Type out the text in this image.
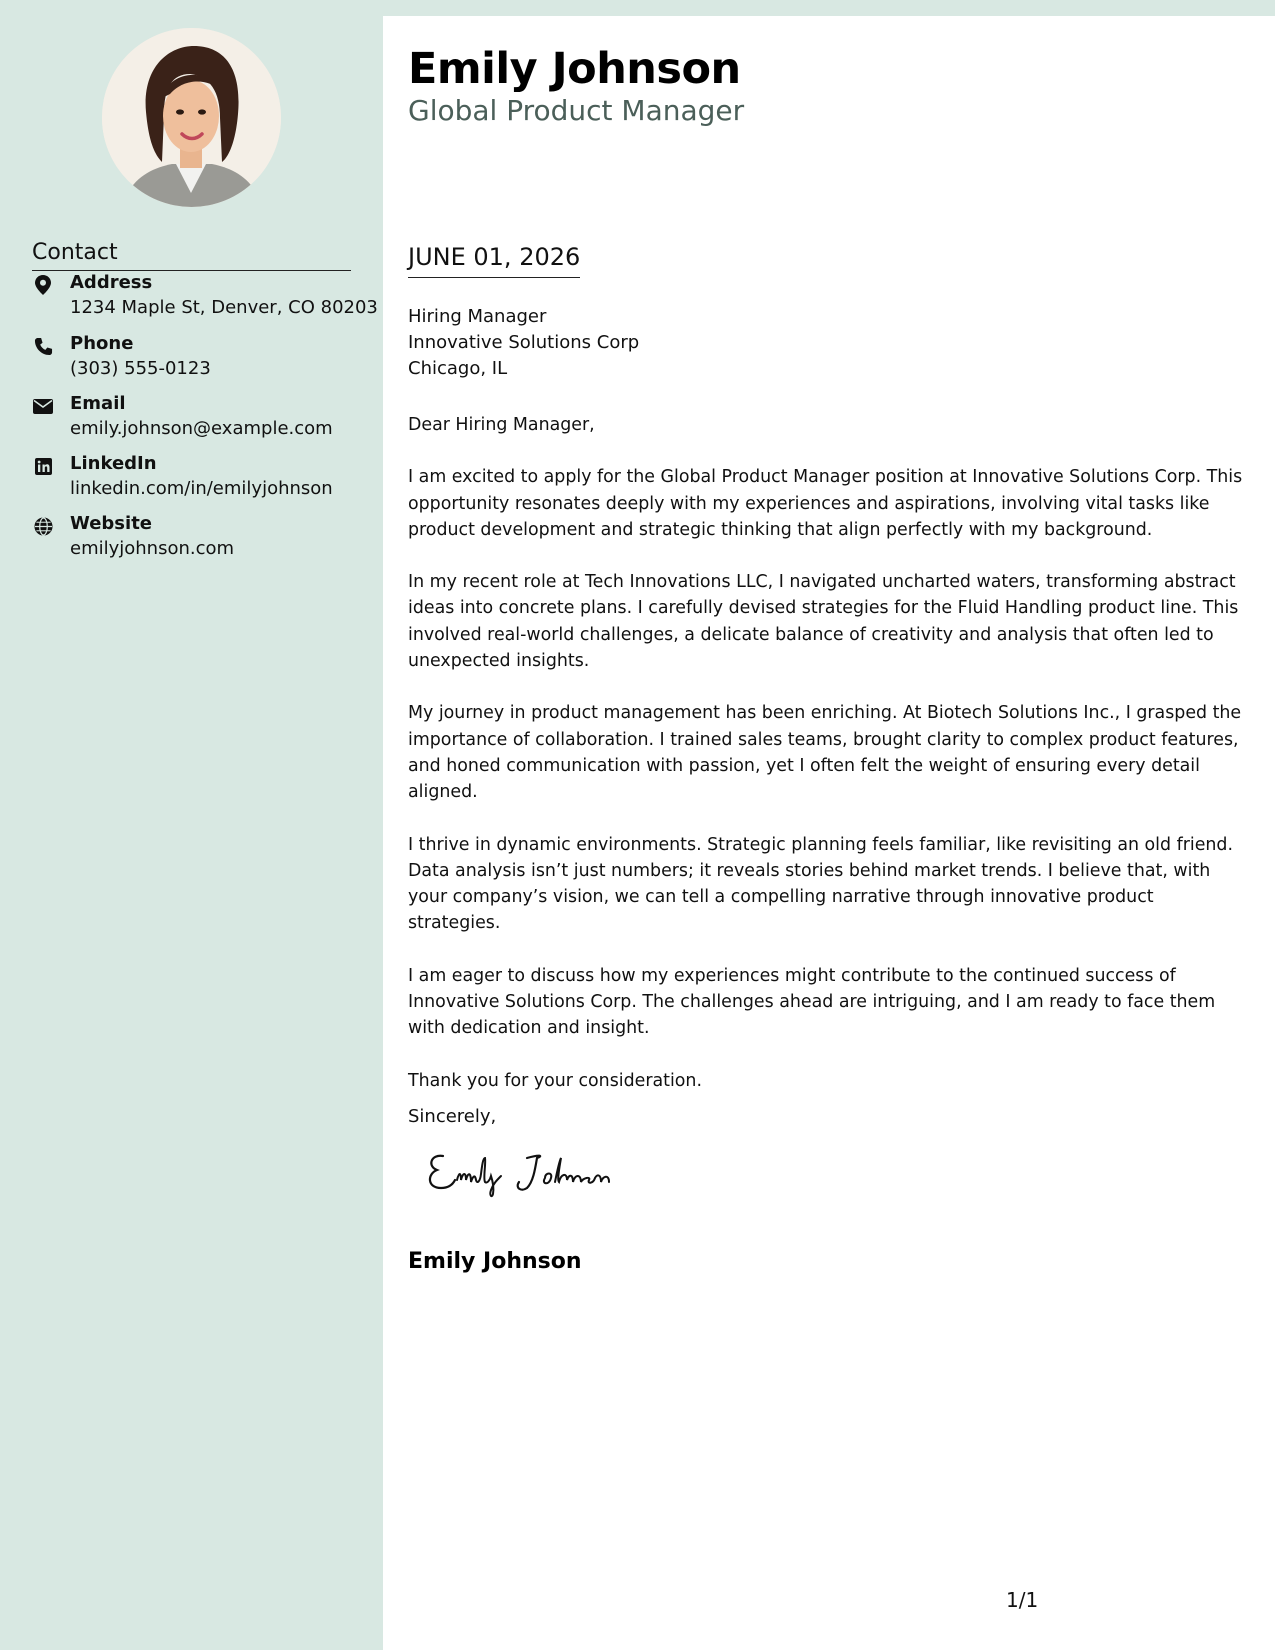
Contact
Address
1234 Maple St, Denver, CO 80203
Phone
(303) 555-0123
Email
emily.johnson@example.com
LinkedIn
linkedin.com/in/emilyjohnson
Website
emilyjohnson.com
Emily Johnson
Global Product Manager
JUNE 01, 2026
Hiring Manager
Innovative Solutions Corp
Chicago, IL

Dear Hiring Manager,

I am excited to apply for the Global Product Manager position at Innovative Solutions Corp. This opportunity resonates deeply with my experiences and aspirations, involving vital tasks like product development and strategic thinking that align perfectly with my background.

In my recent role at Tech Innovations LLC, I navigated uncharted waters, transforming abstract ideas into concrete plans. I carefully devised strategies for the Fluid Handling product line. This involved real-world challenges, a delicate balance of creativity and analysis that often led to unexpected insights.

My journey in product management has been enriching. At Biotech Solutions Inc., I grasped the importance of collaboration. I trained sales teams, brought clarity to complex product features, and honed communication with passion, yet I often felt the weight of ensuring every detail aligned.

I thrive in dynamic environments. Strategic planning feels familiar, like revisiting an old friend. Data analysis isn’t just numbers; it reveals stories behind market trends. I believe that, with your company’s vision, we can tell a compelling narrative through innovative product strategies.

I am eager to discuss how my experiences might contribute to the continued success of Innovative Solutions Corp. The challenges ahead are intriguing, and I am ready to face them with dedication and insight.

Thank you for your consideration.

Sincerely,
Emily Johnson
1/1
